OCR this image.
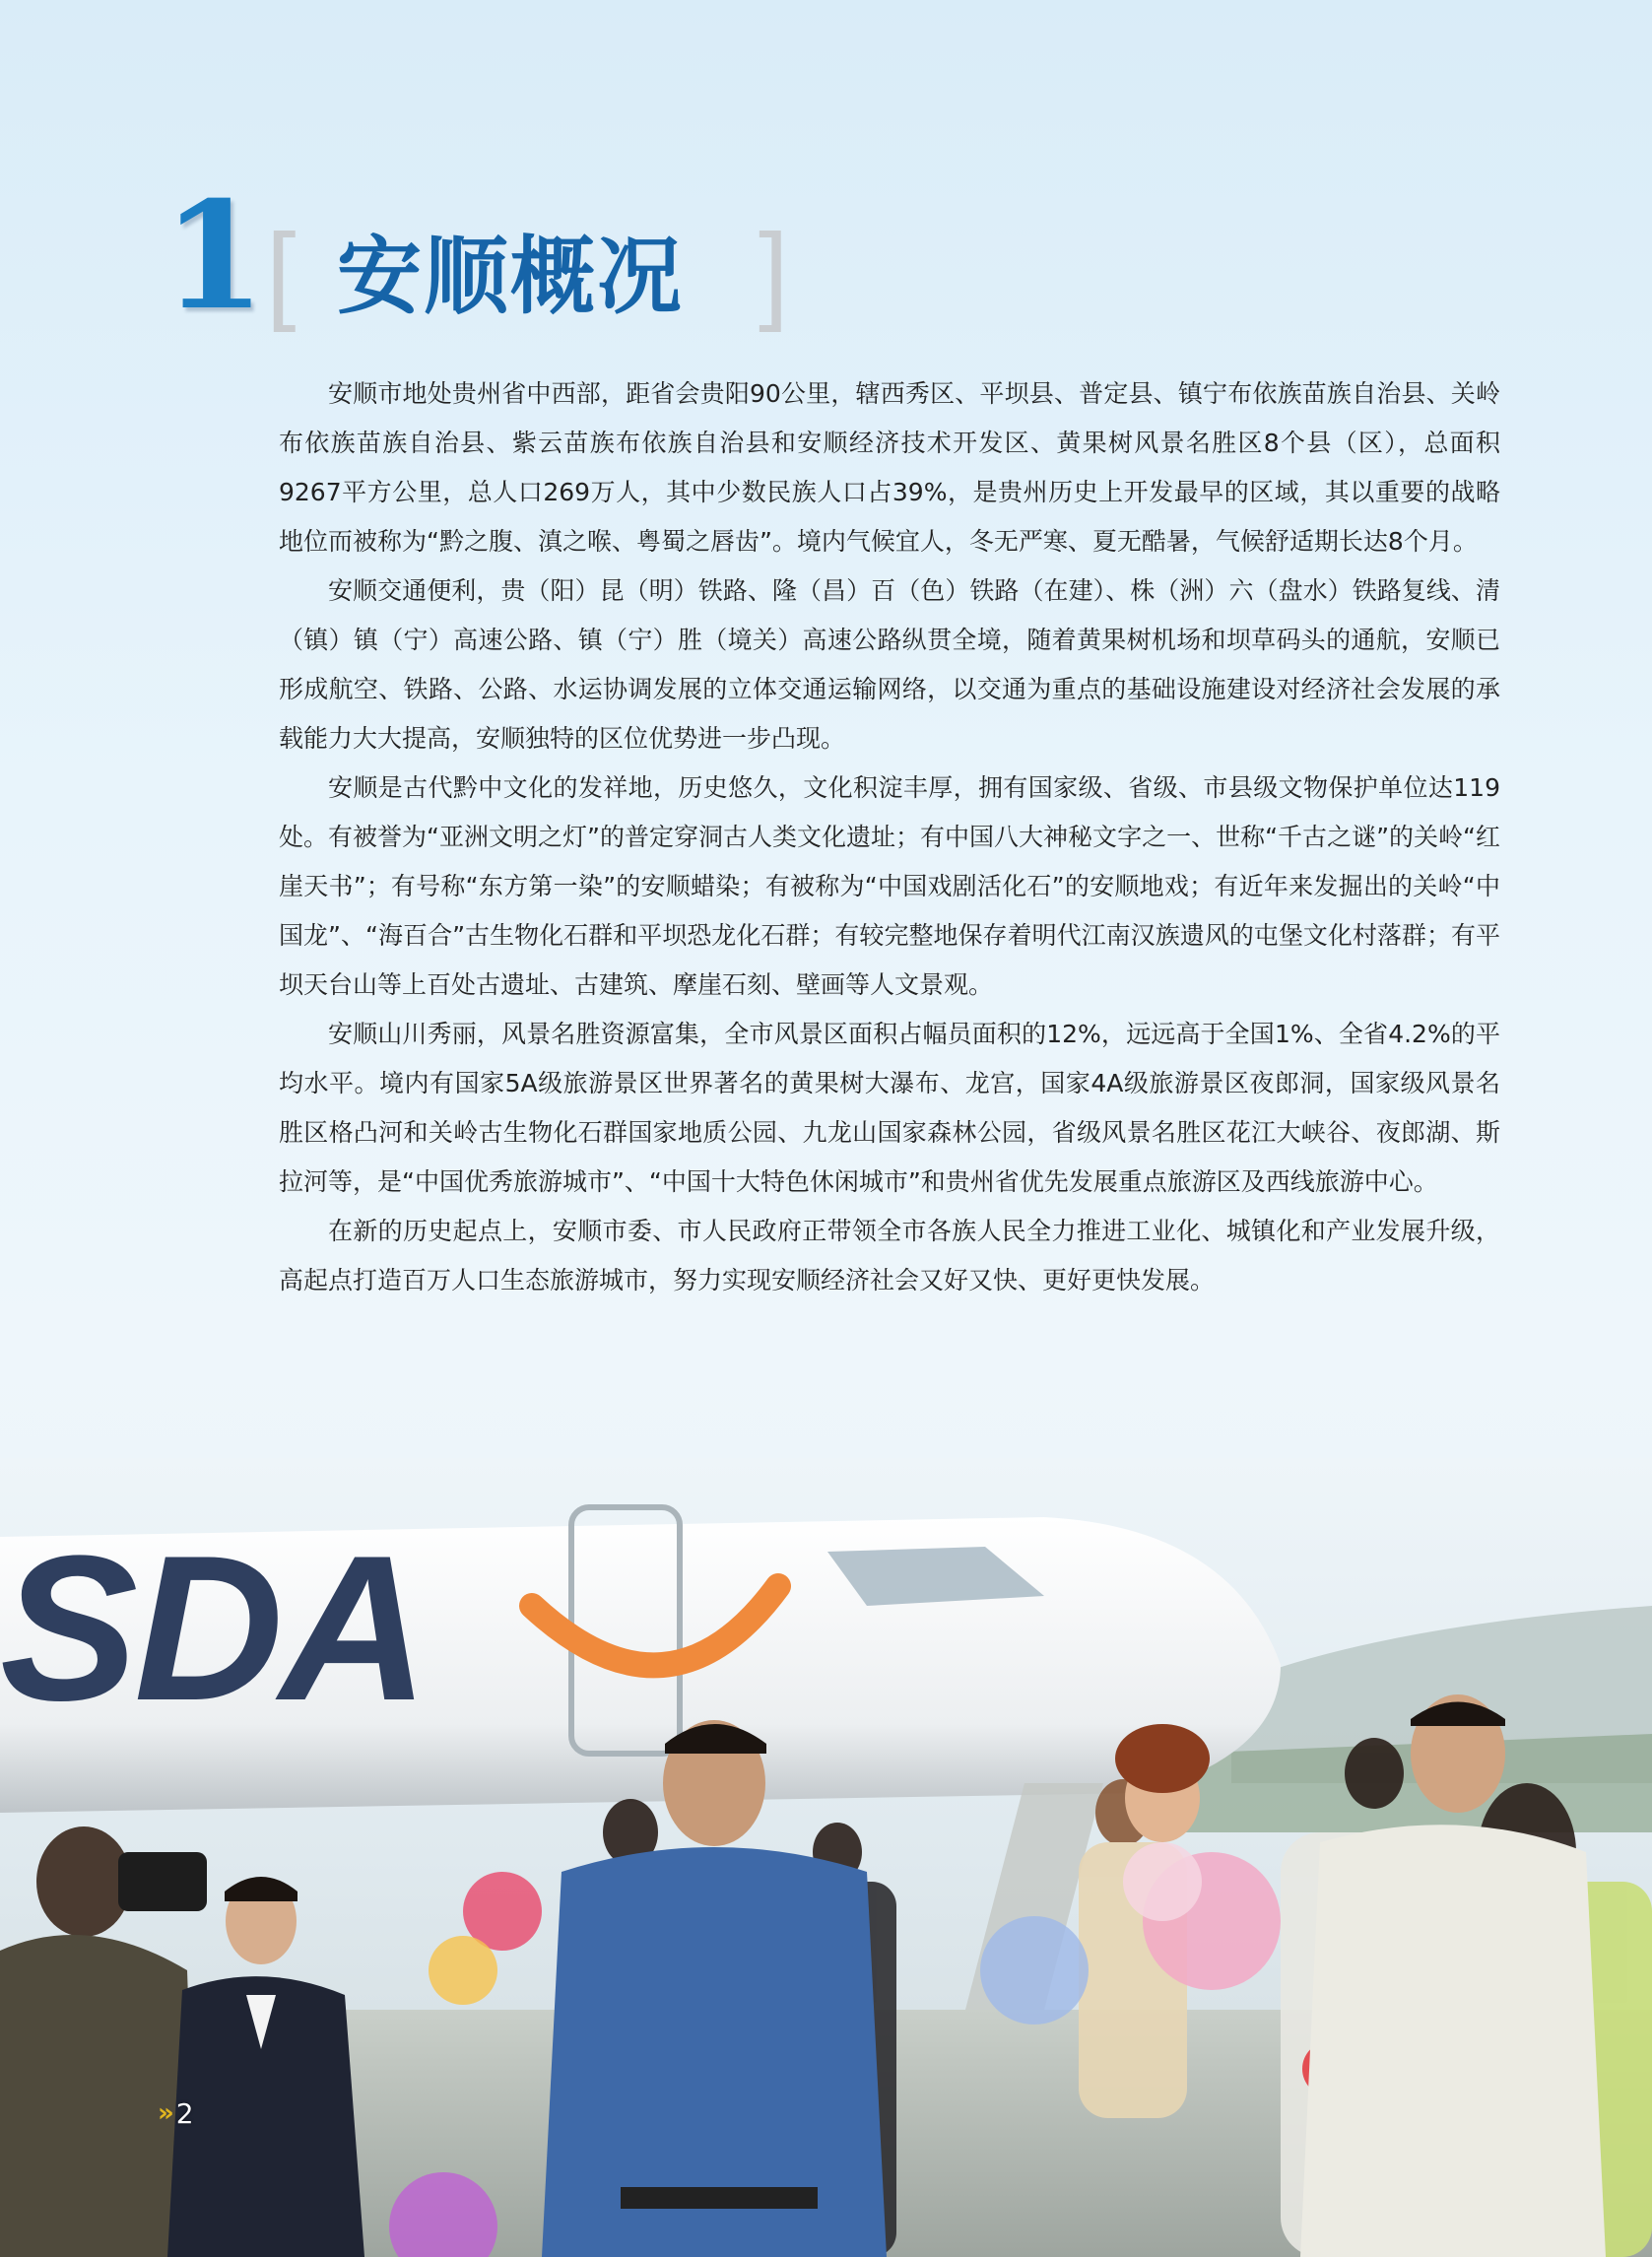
1 [ 安顺概况 ]

安顺市地处贵州省中西部，距省会贵阳90公里，辖西秀区、平坝县、普定县、镇宁布依族苗族自治县、关岭布依族苗族自治县、紫云苗族布依族自治县和安顺经济技术开发区、黄果树风景名胜区8个县（区），总面积9267平方公里，总人口269万人，其中少数民族人口占39%，是贵州历史上开发最早的区域，其以重要的战略地位而被称为“黔之腹、滇之喉、粤蜀之唇齿”。境内气候宜人，冬无严寒、夏无酷暑，气候舒适期长达8个月。

安顺交通便利，贵（阳）昆（明）铁路、隆（昌）百（色）铁路（在建）、株（洲）六（盘水）铁路复线、清（镇）镇（宁）高速公路、镇（宁）胜（境关）高速公路纵贯全境，随着黄果树机场和坝草码头的通航，安顺已形成航空、铁路、公路、水运协调发展的立体交通运输网络，以交通为重点的基础设施建设对经济社会发展的承载能力大大提高，安顺独特的区位优势进一步凸现。

安顺是古代黔中文化的发祥地，历史悠久，文化积淀丰厚，拥有国家级、省级、市县级文物保护单位达119处。有被誉为“亚洲文明之灯”的普定穿洞古人类文化遗址；有中国八大神秘文字之一、世称“千古之谜”的关岭“红崖天书”；有号称“东方第一染”的安顺蜡染；有被称为“中国戏剧活化石”的安顺地戏；有近年来发掘出的关岭“中国龙”、“海百合”古生物化石群和平坝恐龙化石群；有较完整地保存着明代江南汉族遗风的屯堡文化村落群；有平坝天台山等上百处古遗址、古建筑、摩崖石刻、壁画等人文景观。

安顺山川秀丽，风景名胜资源富集，全市风景区面积占幅员面积的12%，远远高于全国1%、全省4.2%的平均水平。境内有国家5A级旅游景区世界著名的黄果树大瀑布、龙宫，国家4A级旅游景区夜郎洞，国家级风景名胜区格凸河和关岭古生物化石群国家地质公园、九龙山国家森林公园，省级风景名胜区花江大峡谷、夜郎湖、斯拉河等，是“中国优秀旅游城市”、“中国十大特色休闲城市”和贵州省优先发展重点旅游区及西线旅游中心。

在新的历史起点上，安顺市委、市人民政府正带领全市各族人民全力推进工业化、城镇化和产业发展升级，高起点打造百万人口生态旅游城市，努力实现安顺经济社会又好又快、更好更快发展。

SDA
» 2
